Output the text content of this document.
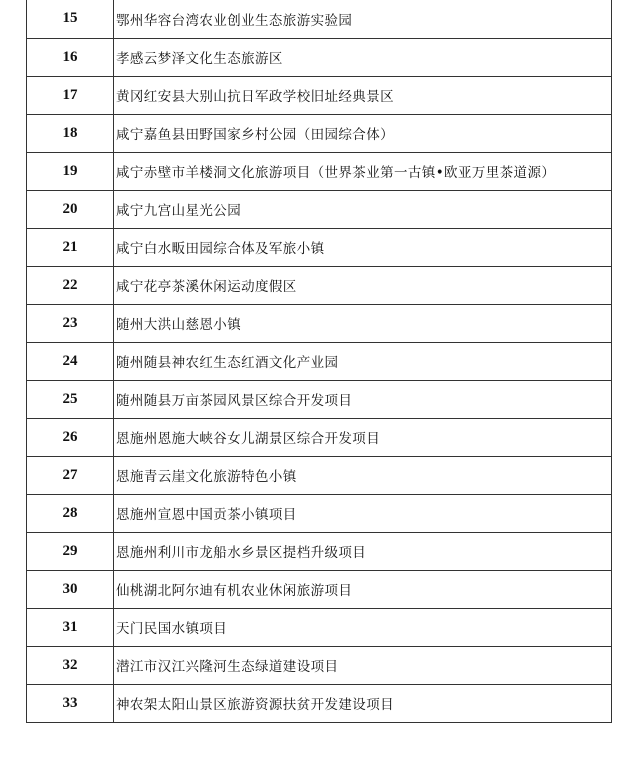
15	鄂州华容台湾农业创业生态旅游实验园
16	孝感云梦泽文化生态旅游区
17	黄冈红安县大别山抗日军政学校旧址经典景区
18	咸宁嘉鱼县田野国家乡村公园（田园综合体）
19	咸宁赤壁市羊楼洞文化旅游项目（世界茶业第一古镇•欧亚万里茶道源）
20	咸宁九宫山星光公园
21	咸宁白水畈田园综合体及军旅小镇
22	咸宁花亭茶溪休闲运动度假区
23	随州大洪山慈恩小镇
24	随州随县神农红生态红酒文化产业园
25	随州随县万亩茶园风景区综合开发项目
26	恩施州恩施大峡谷女儿湖景区综合开发项目
27	恩施青云崖文化旅游特色小镇
28	恩施州宣恩中国贡茶小镇项目
29	恩施州利川市龙船水乡景区提档升级项目
30	仙桃湖北阿尔迪有机农业休闲旅游项目
31	天门民国水镇项目
32	潜江市汉江兴隆河生态绿道建设项目
33	神农架太阳山景区旅游资源扶贫开发建设项目
